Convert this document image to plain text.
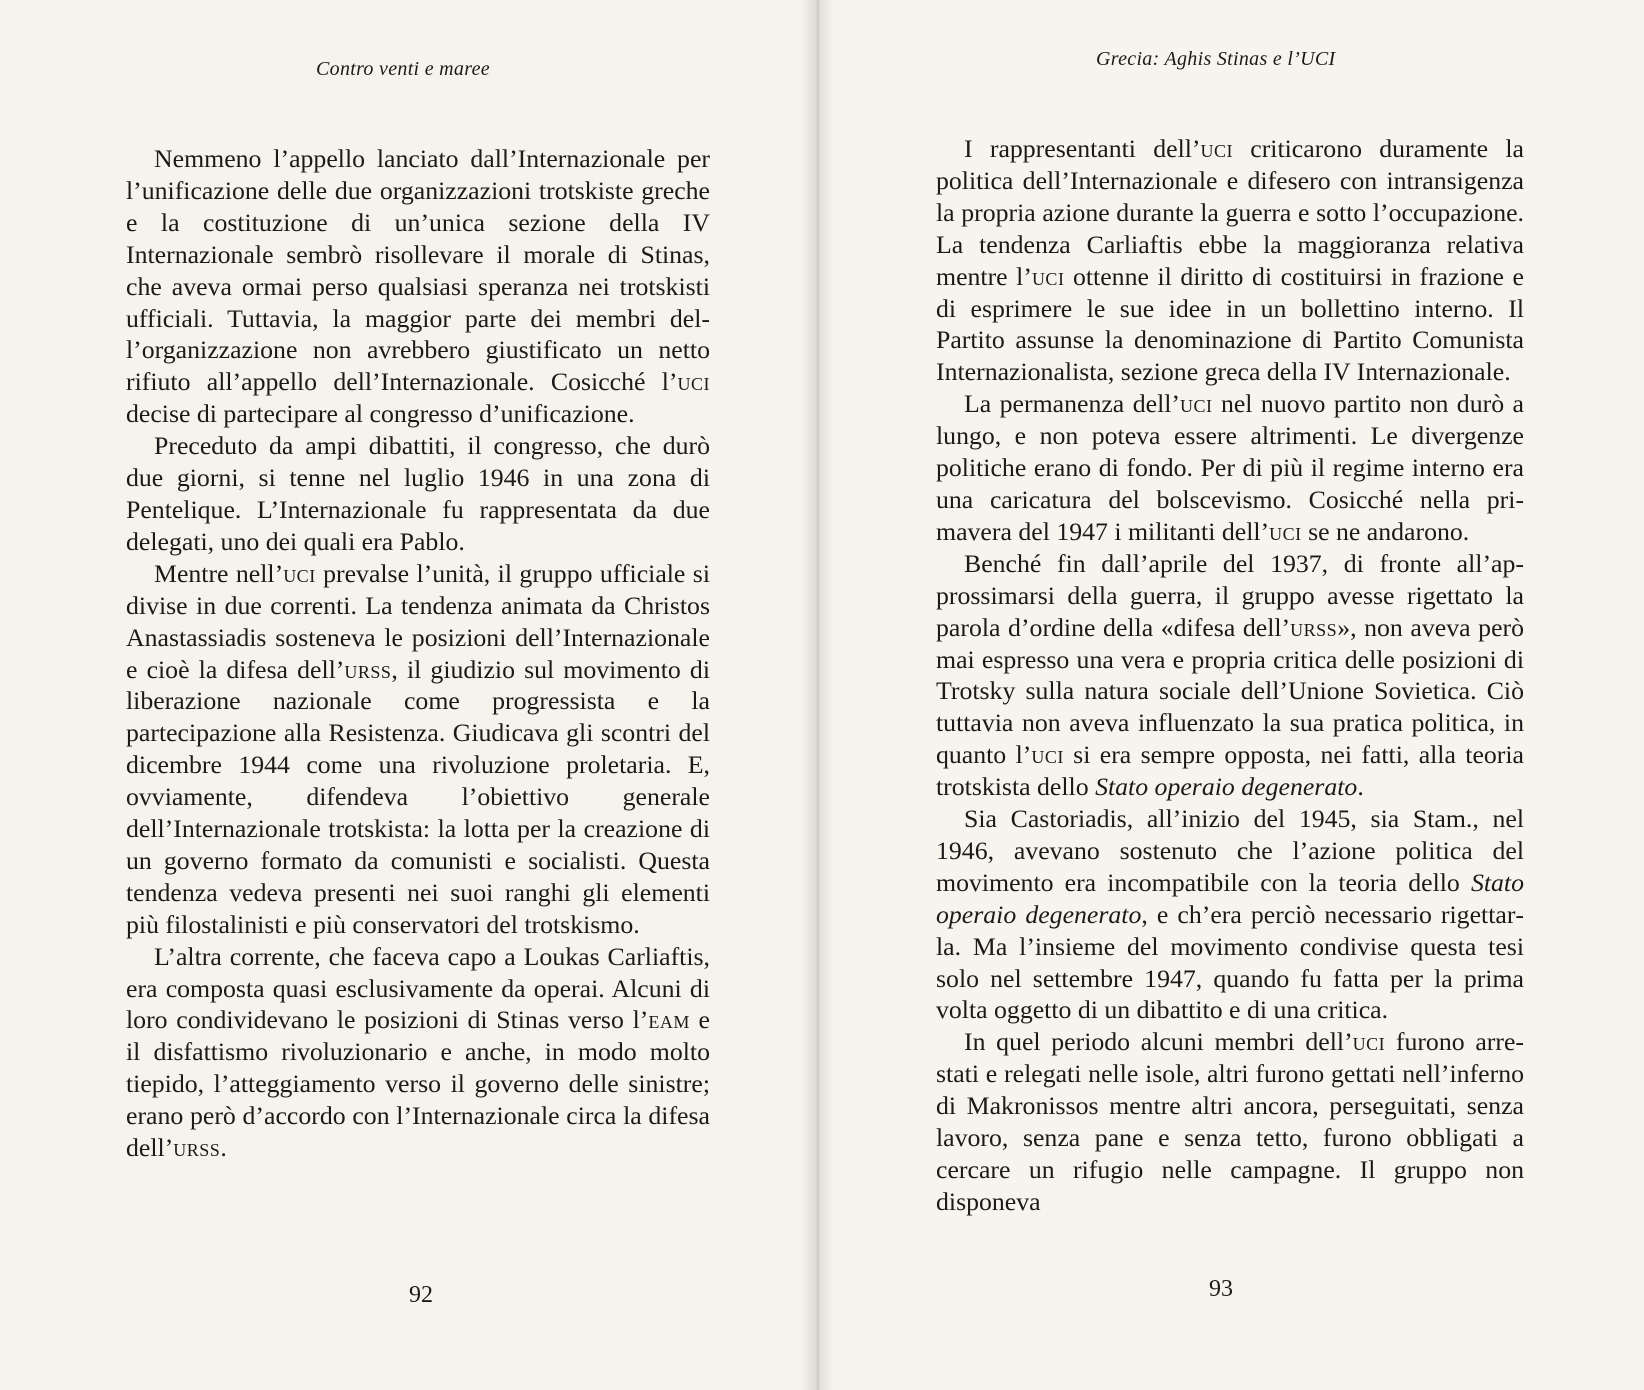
Contro venti e maree

Nemmeno l’appello lanciato dall’Internazionale per l’unificazione delle due organizzazioni trotskiste greche e la costituzione di un’unica sezione della IV Internazionale sembrò risollevare il morale di Stinas, che aveva ormai perso qualsiasi speranza nei trotskisti ufficiali. Tuttavia, la maggior parte dei membri dell’organizzazione non avrebbero giustificato un netto rifiuto all’appello dell’Internazionale. Cosicché l’uci decise di partecipare al congresso d’unificazione.

Preceduto da ampi dibattiti, il congresso, che durò due giorni, si tenne nel luglio 1946 in una zona di Pentelique. L’Internazionale fu rappresentata da due delegati, uno dei quali era Pablo.

Mentre nell’uci prevalse l’unità, il gruppo ufficiale si divise in due correnti. La tendenza animata da Christos Anastassiadis sosteneva le posizioni dell’Internazionale e cioè la difesa dell’urss, il giudizio sul movimento di liberazione nazionale come progressista e la partecipazione alla Resistenza. Giudicava gli scontri del dicembre 1944 come una rivoluzione proletaria. E, ovviamente, difendeva l’obiettivo generale dell’Internazionale trotskista: la lotta per la creazione di un governo formato da comunisti e socialisti. Questa tendenza vedeva presenti nei suoi ranghi gli elementi più filostalinisti e più conservatori del trotskismo.

L’altra corrente, che faceva capo a Loukas Carliaftis, era composta quasi esclusivamente da operai. Alcuni di loro condividevano le posizioni di Stinas verso l’eam e il disfattismo rivoluzionario e anche, in modo molto tiepido, l’atteggiamento verso il governo delle sinistre; erano però d’accordo con l’Internazionale circa la difesa dell’urss.

92
Grecia: Aghis Stinas e l’UCI

I rappresentanti dell’uci criticarono duramente la politica dell’Internazionale e difesero con intransigenza la propria azione durante la guerra e sotto l’occupazione. La tendenza Carliaftis ebbe la maggioranza relativa mentre l’uci ottenne il diritto di costituirsi in frazione e di esprimere le sue idee in un bollettino interno. Il Partito assunse la denominazione di Partito Comunista Internazionalista, sezione greca della IV Internazionale.

La permanenza dell’uci nel nuovo partito non durò a lungo, e non poteva essere altrimenti. Le divergenze politiche erano di fondo. Per di più il regime interno era una caricatura del bolscevismo. Cosicché nella primavera del 1947 i militanti dell’uci se ne andarono.

Benché fin dall’aprile del 1937, di fronte all’approssimarsi della guerra, il gruppo avesse rigettato la parola d’ordine della «difesa dell’urss», non aveva però mai espresso una vera e propria critica delle posizioni di Trotsky sulla natura sociale dell’Unione Sovietica. Ciò tuttavia non aveva influenzato la sua pratica politica, in quanto l’uci si era sempre opposta, nei fatti, alla teoria trotskista dello Stato operaio degenerato.

Sia Castoriadis, all’inizio del 1945, sia Stam., nel 1946, avevano sostenuto che l’azione politica del movimento era incompatibile con la teoria dello Stato operaio degenerato, e ch’era perciò necessario rigettarla. Ma l’insieme del movimento condivise questa tesi solo nel settembre 1947, quando fu fatta per la prima volta oggetto di un dibattito e di una critica.

In quel periodo alcuni membri dell’uci furono arrestati e relegati nelle isole, altri furono gettati nell’inferno di Makronissos mentre altri ancora, perseguitati, senza lavoro, senza pane e senza tetto, furono obbligati a cercare un rifugio nelle campagne. Il gruppo non disponeva

93
